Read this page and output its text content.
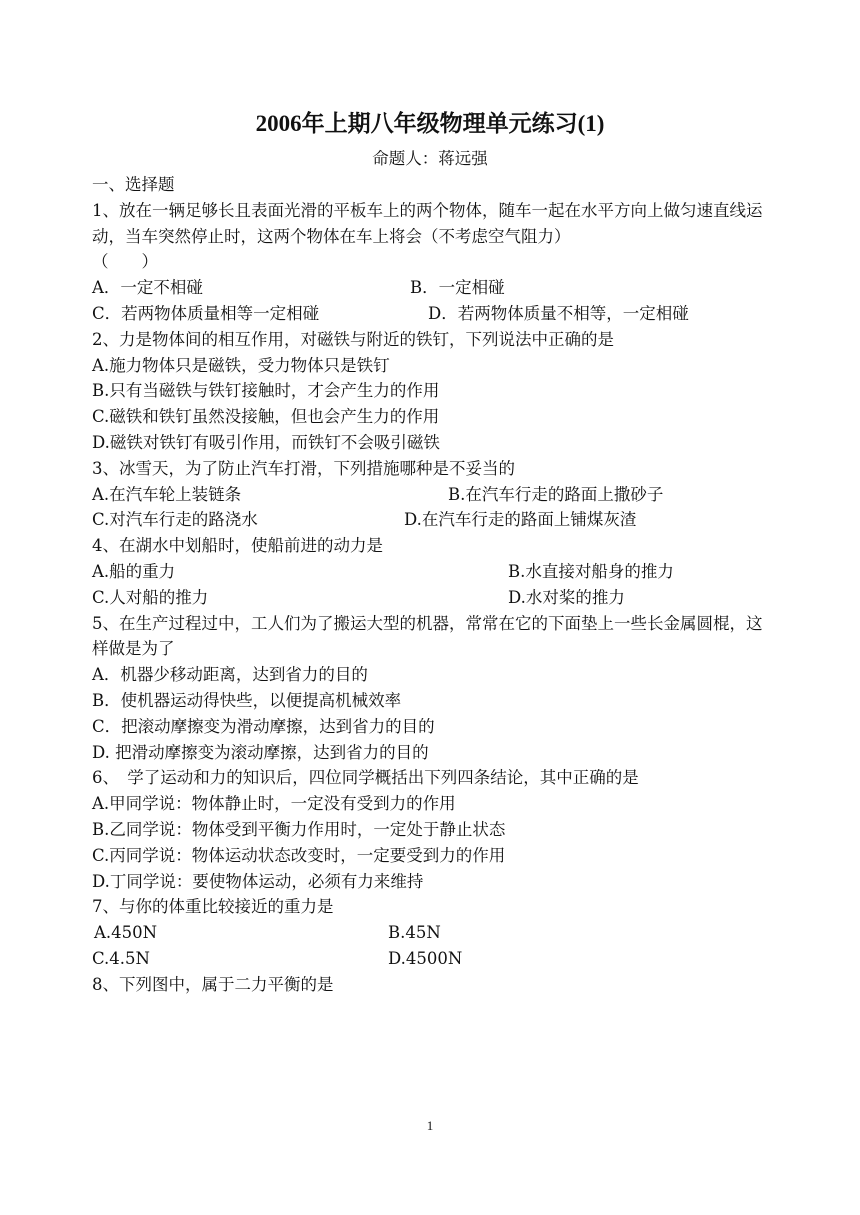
2006年上期八年级物理单元练习(1)
命题人：蒋远强
一、选择题
1、放在一辆足够长且表面光滑的平板车上的两个物体，随车一起在水平方向上做匀速直线运动，当车突然停止时，这两个物体在车上将会（不考虑空气阻力）
（　　）
A．一定不相碰	B．一定相碰
C．若两物体质量相等一定相碰	D．若两物体质量不相等，一定相碰
2、力是物体间的相互作用，对磁铁与附近的铁钉，下列说法中正确的是
A.施力物体只是磁铁，受力物体只是铁钉
B.只有当磁铁与铁钉接触时，才会产生力的作用
C.磁铁和铁钉虽然没接触，但也会产生力的作用
D.磁铁对铁钉有吸引作用，而铁钉不会吸引磁铁
3、冰雪天，为了防止汽车打滑，下列措施哪种是不妥当的
A.在汽车轮上装链条	B.在汽车行走的路面上撒砂子
C.对汽车行走的路浇水	D.在汽车行走的路面上铺煤灰渣
4、在湖水中划船时，使船前进的动力是
A.船的重力	B.水直接对船身的推力
C.人对船的推力	D.水对桨的推力
5、在生产过程过中，工人们为了搬运大型的机器，常常在它的下面垫上一些长金属圆棍，这样做是为了
A．机器少移动距离，达到省力的目的
B．使机器运动得快些，以便提高机械效率
C．把滚动摩擦变为滑动摩擦，达到省力的目的
D. 把滑动摩擦变为滚动摩擦，达到省力的目的
6、　学了运动和力的知识后，四位同学概括出下列四条结论，其中正确的是
A.甲同学说：物体静止时，一定没有受到力的作用
B.乙同学说：物体受到平衡力作用时，一定处于静止状态
C.丙同学说：物体运动状态改变时，一定要受到力的作用
D.丁同学说：要使物体运动，必须有力来维持
7、与你的体重比较接近的重力是
A.450N	B.45N
C.4.5N	D.4500N
8、下列图中，属于二力平衡的是
1
